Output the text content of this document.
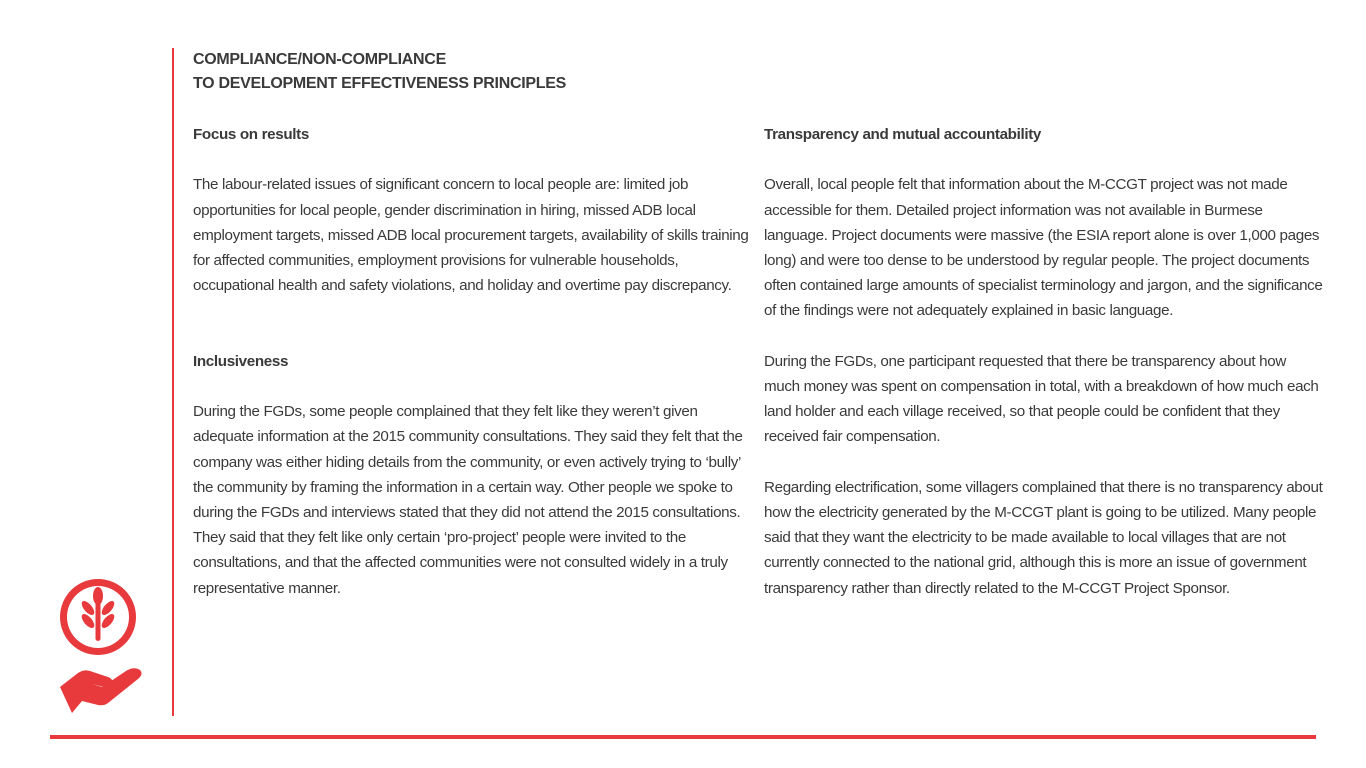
COMPLIANCE/NON-COMPLIANCE
TO DEVELOPMENT EFFECTIVENESS PRINCIPLES
Focus on results

The labour-related issues of significant concern to local people are: limited job opportunities for local people, gender discrimination in hiring, missed ADB local employment targets, missed ADB local procurement targets, availability of skills training for affected communities, employment provisions for vulnerable households, occupational health and safety violations, and holiday and overtime pay discrepancy.

Inclusiveness

During the FGDs, some people complained that they felt like they weren’t given adequate information at the 2015 community consultations. They said they felt that the company was either hiding details from the community, or even actively trying to ‘bully’ the community by framing the information in a certain way. Other people we spoke to during the FGDs and interviews stated that they did not attend the 2015 consultations. They said that they felt like only certain ‘pro-project’ people were invited to the consultations, and that the affected communities were not consulted widely in a truly representative manner.

Transparency and mutual accountability

Overall, local people felt that information about the M-CCGT project was not made accessible for them. Detailed project information was not available in Burmese language. Project documents were massive (the ESIA report alone is over 1,000 pages long) and were too dense to be understood by regular people. The project documents often contained large amounts of specialist terminology and jargon, and the significance of the findings were not adequately explained in basic language.

During the FGDs, one participant requested that there be transparency about how much money was spent on compensation in total, with a breakdown of how much each land holder and each village received, so that people could be confident that they received fair compensation.

Regarding electrification, some villagers complained that there is no transparency about how the electricity generated by the M-CCGT plant is going to be utilized. Many people said that they want the electricity to be made available to local villages that are not currently connected to the national grid, although this is more an issue of government transparency rather than directly related to the M-CCGT Project Sponsor.
